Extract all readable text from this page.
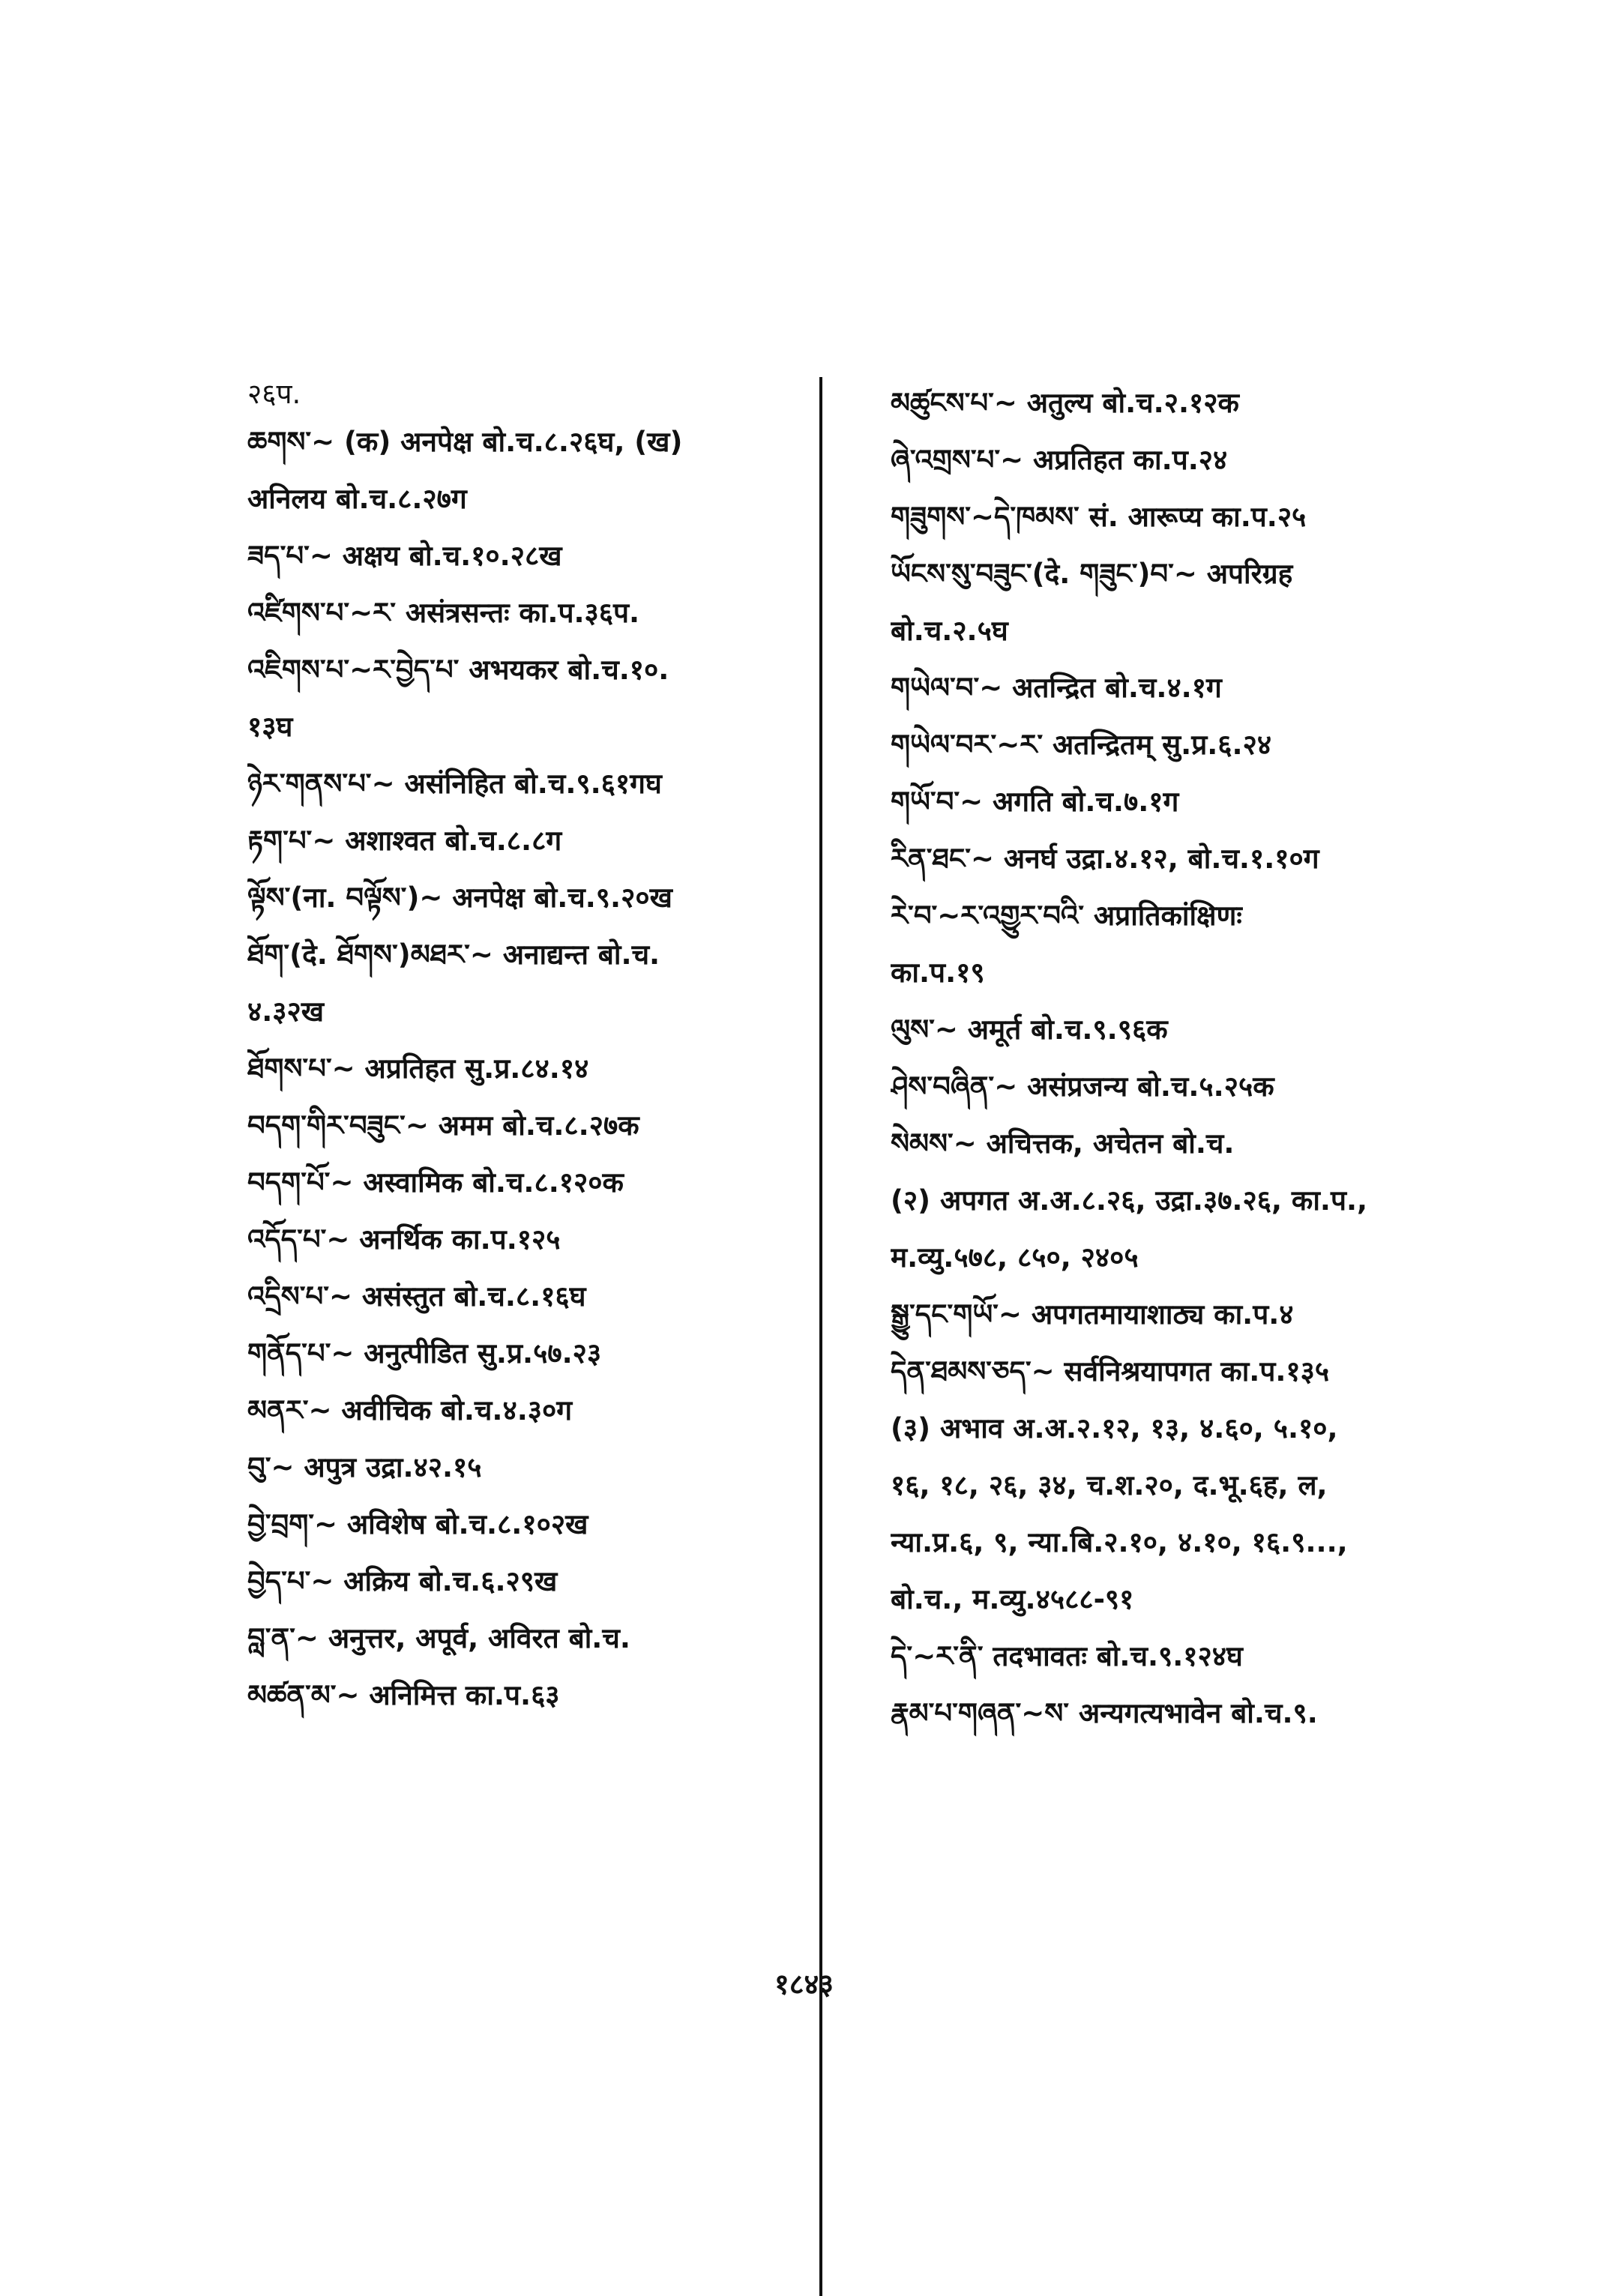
२६प.
ཆགས་~ (क) अनपेक्ष बो.च.८.२६घ, (ख)
अनिलय बो.च.८.२७ग
ཟད་པ་~ अक्षय बो.च.१०.२८ख
འཛིགས་པ་~ར་ असंत्रसन्तः का.प.३६प.
འཇིགས་པ་~ར་བྱེད་པ་ अभयकर बो.च.१०.
१३घ
ཉེར་གནས་པ་~ असंनिहित बो.च.९.६१गघ
རྟག་པ་~ अशाश्वत बो.च.८.८ग
ལྟོས་(ना. བལྟོས་)~ अनपेक्ष बो.च.९.२०ख
ཐོག་(दे. ཐོགས་)མཐར་~ अनाद्यन्त बो.च.
४.३२ख
ཐོགས་པ་~ अप्रतिहत सु.प्र.८४.१४
བདག་གིར་བཟུང་~ अमम बो.च.८.२७क
བདག་པོ་~ अस्वामिक बो.च.८.१२०क
འདོད་པ་~ अनर्थिक का.प.१२५
འདྲིས་པ་~ असंस्तुत बो.च.८.१६घ
གནོད་པ་~ अनुत्पीडित सु.प्र.५७.२३
མནར་~ अवीचिक बो.च.४.३०ग
བུ་~ अपुत्र उद्रा.४२.१५
བྱེ་བྲག་~ अविशेष बो.च.८.१०२ख
བྱེད་པ་~ अक्रिय बो.च.६.२९ख
བླ་ན་~ अनुत्तर, अपूर्व, अविरत बो.च.
མཚན་མ་~ अनिमित्त का.प.६३
མཚུངས་པ་~ अतुल्य बो.च.२.१२क
ཞེ་འགྲས་པ་~ अप्रतिहत का.प.२४
གཟུགས་~དེ་ཁམས་ सं. आरूप्य का.प.२५
ཡོངས་སུ་བཟུང་(दे. གཟུང་)བ་~ अपरिग्रह
बो.च.२.५घ
གཡེལ་བ་~ अतन्द्रित बो.च.४.१ग
གཡེལ་བར་~ར་ अतन्द्रितम् सु.प्र.६.२४
གཡོ་བ་~ अगति बो.च.७.१ग
རིན་ཐང་~ अनर्घ उद्रा.४.१२, बो.च.१.१०ग
རེ་བ་~ར་འགྱུར་བའི་ अप्रातिकांक्षिणः
का.प.१९
ལུས་~ अमूर्त बो.च.९.९६क
ཤེས་བཞིན་~ असंप्रजन्य बो.च.५.२५क
སེམས་~ अचित्तक, अचेतन बो.च.
(२) अपगत अ.अ.८.२६, उद्रा.३७.२६, का.प.,
म.व्यु.५७८, ८५०, २४०५
སྒྱུ་དང་གཡོ་~ अपगतमायाशाठ्य का.प.४
དེན་ཐམས་ཅད་~ सर्वनिश्रयापगत का.प.१३५
(३) अभाव अ.अ.२.१२, १३, ४.६०, ५.१०,
१६, १८, २६, ३४, च.श.२०, द.भू.६ह, ल,
न्या.प्र.६, ९, न्या.बि.२.१०, ४.१०, १६.९...,
बो.च., म.व्यु.४५८८-९१
དེ་~ར་ནི་ तदभावतः बो.च.९.१२४घ
རྣམ་པ་གཞན་~ས་ अन्यगत्यभावेन बो.च.९.
१८४३
